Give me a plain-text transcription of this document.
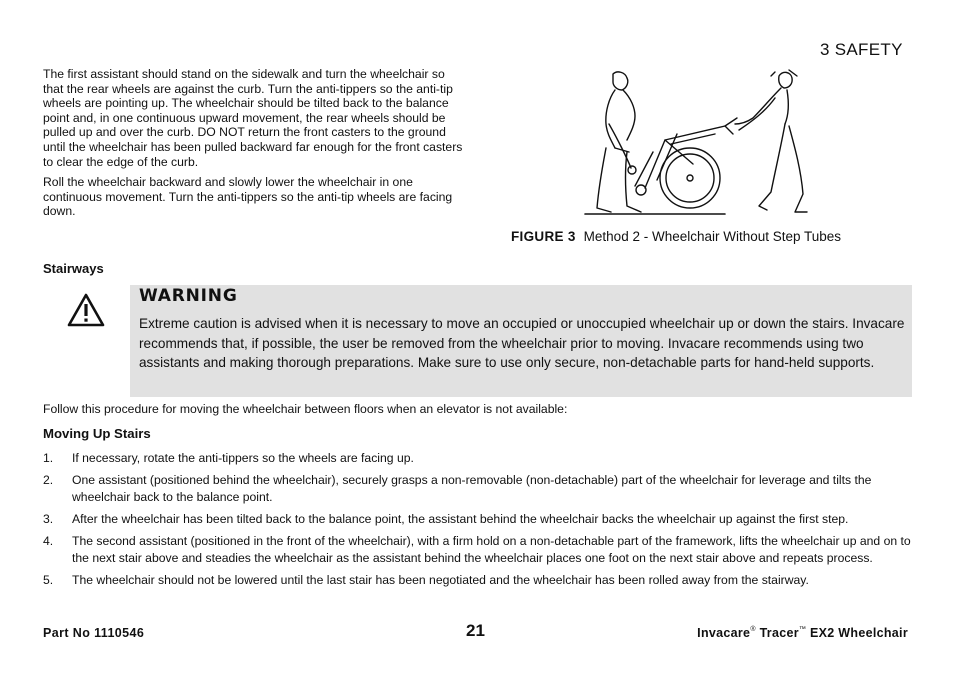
3 SAFETY

The first assistant should stand on the sidewalk and turn the wheelchair so that the rear wheels are against the curb. Turn the anti-tippers so the anti-tip wheels are pointing up. The wheelchair should be tilted back to the balance point and, in one continuous upward movement, the rear wheels should be pulled up and over the curb. DO NOT return the front casters to the ground until the wheelchair has been pulled backward far enough for the front casters to clear the edge of the curb.

Roll the wheelchair backward and slowly lower the wheelchair in one continuous movement. Turn the anti-tippers so the anti-tip wheels are facing down.

FIGURE 3 Method 2 - Wheelchair Without Step Tubes
Stairways
WARNING
Extreme caution is advised when it is necessary to move an occupied or unoccupied wheelchair up or down the stairs. Invacare recommends that, if possible, the user be removed from the wheelchair prior to moving. Invacare recommends using two assistants and making thorough preparations. Make sure to use only secure, non-detachable parts for hand-held supports.
Follow this procedure for moving the wheelchair between floors when an elevator is not available:
Moving Up Stairs
1.	If necessary, rotate the anti-tippers so the wheels are facing up.
2.	One assistant (positioned behind the wheelchair), securely grasps a non-removable (non-detachable) part of the wheelchair for leverage and tilts the wheelchair back to the balance point.
3.	After the wheelchair has been tilted back to the balance point, the assistant behind the wheelchair backs the wheelchair up against the first step.
4.	The second assistant (positioned in the front of the wheelchair), with a firm hold on a non-detachable part of the framework, lifts the wheelchair up and on to the next stair above and steadies the wheelchair as the assistant behind the wheelchair places one foot on the next stair above and repeats process.
5.	The wheelchair should not be lowered until the last stair has been negotiated and the wheelchair has been rolled away from the stairway.
Part No 1110546	21	Invacare® Tracer™ EX2 Wheelchair
